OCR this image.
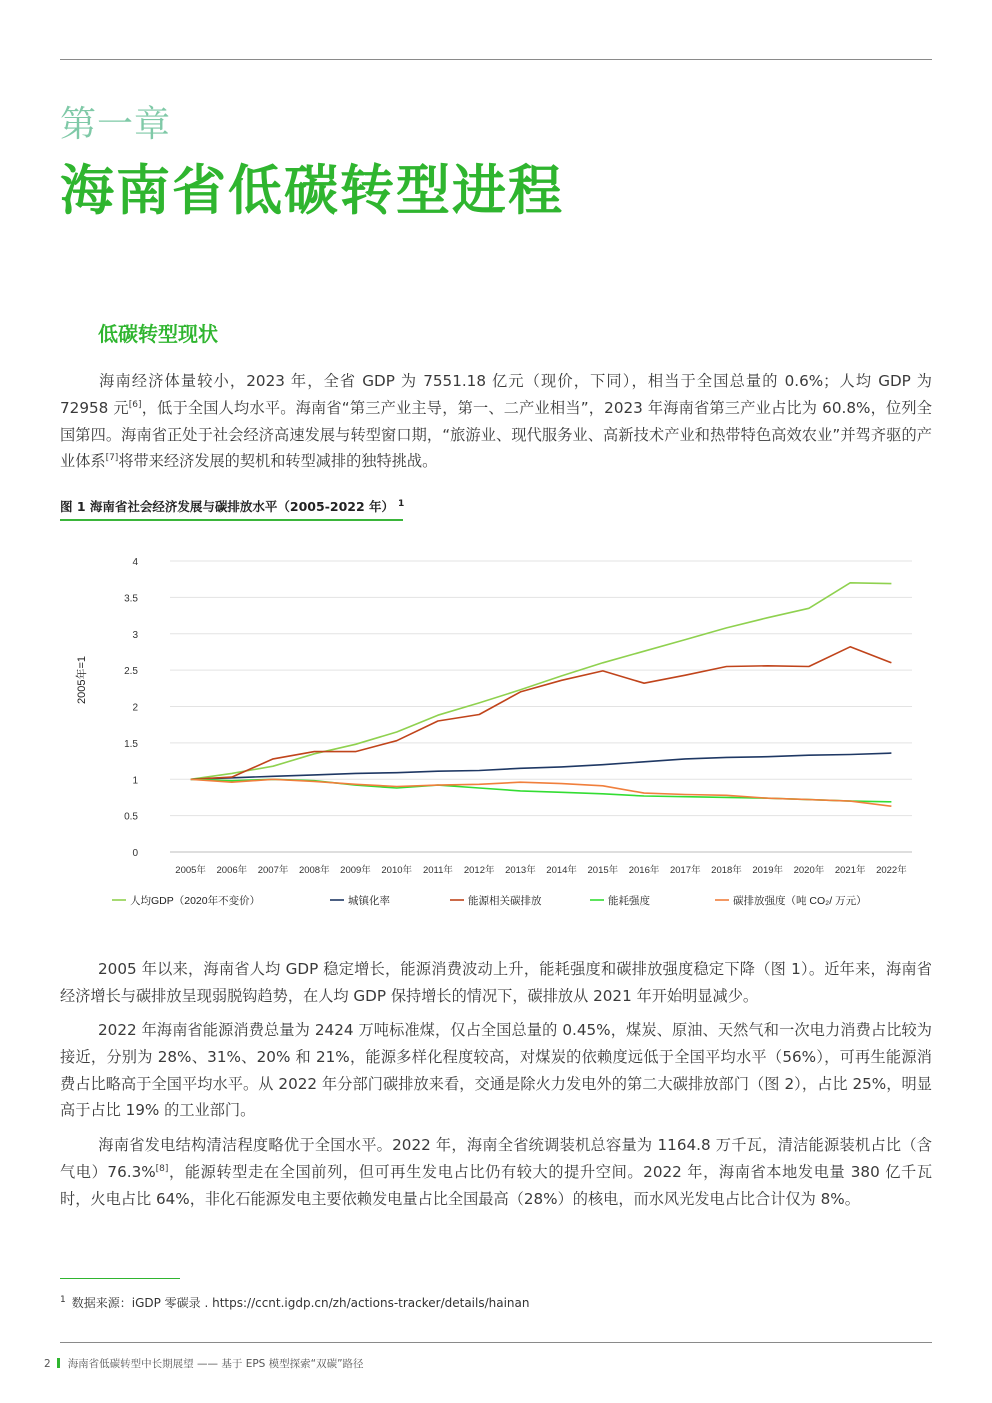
第一章
海南省低碳转型进程
低碳转型现状
海南经济体量较小，2023 年，全省 GDP 为 7551.18 亿元（现价，下同），相当于全国总量的 0.6%；人均 GDP 为 72958 元[6]，低于全国人均水平。海南省“第三产业主导，第一、二产业相当”，2023 年海南省第三产业占比为 60.8%，位列全国第四。海南省正处于社会经济高速发展与转型窗口期，“旅游业、现代服务业、高新技术产业和热带特色高效农业”并驾齐驱的产业体系[7]将带来经济发展的契机和转型减排的独特挑战。
图 1 海南省社会经济发展与碳排放水平（2005-2022 年） $^1$
0
0.5
1
1.5
2
2.5
3
3.5
4
2005年 2006年 2007年 2008年 2009年 2010年 2011年 2012年 2013年 2014年 2015年 2016年 2017年 2018年 2019年 2020年 2021年 2022年
人均GDP（2020年不变价）	城镇化率	能源相关碳排放	能耗强度	碳排放强度（吨 CO₂/ 万元）
2005年=1
2005 年以来，海南省人均 GDP 稳定增长，能源消费波动上升，能耗强度和碳排放强度稳定下降（图 1）。近年来，海南省经济增长与碳排放呈现弱脱钩趋势，在人均 GDP 保持增长的情况下，碳排放从 2021 年开始明显减少。
2022 年海南省能源消费总量为 2424 万吨标准煤，仅占全国总量的 0.45%，煤炭、原油、天然气和一次电力消费占比较为接近，分别为 28%、31%、20% 和 21%，能源多样化程度较高，对煤炭的依赖度远低于全国平均水平（56%），可再生能源消费占比略高于全国平均水平。从 2022 年分部门碳排放来看，交通是除火力发电外的第二大碳排放部门（图 2），占比 25%，明显高于占比 19% 的工业部门。
海南省发电结构清洁程度略优于全国水平。2022 年，海南全省统调装机总容量为 1164.8 万千瓦，清洁能源装机占比（含气电）76.3%[8]，能源转型走在全国前列，但可再生发电占比仍有较大的提升空间。2022 年，海南省本地发电量 380 亿千瓦时，火电占比 64%，非化石能源发电主要依赖发电量占比全国最高（28%）的核电，而水风光发电占比合计仅为 8%。
$^1$ 数据来源：iGDP 零碳录 . https://ccnt.igdp.cn/zh/actions-tracker/details/hainan
2 海南省低碳转型中长期展望 —— 基于 EPS 模型探索“双碳”路径
